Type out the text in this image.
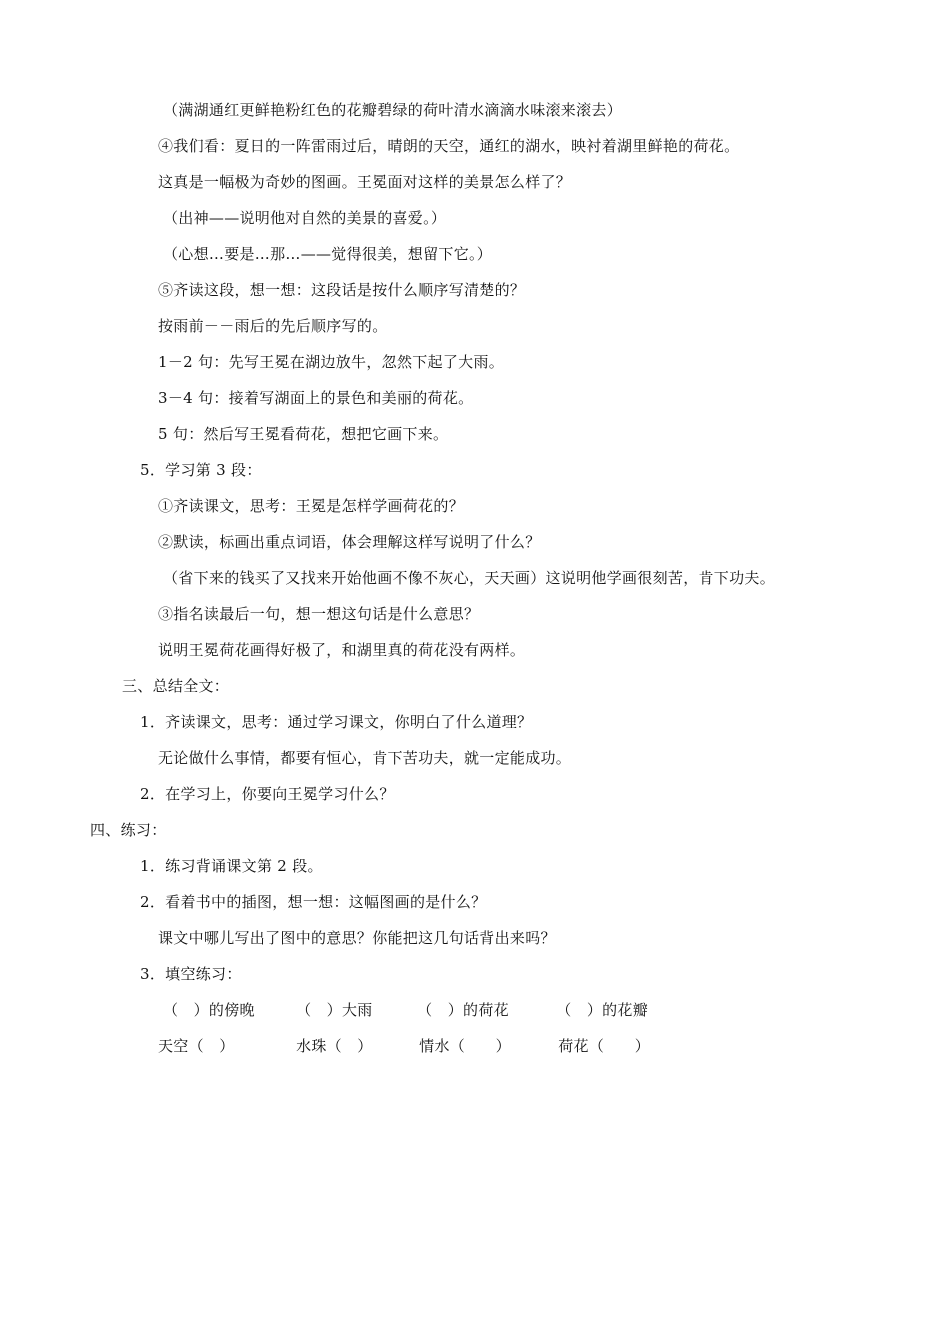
（满湖通红更鲜艳粉红色的花瓣碧绿的荷叶清水滴滴水味滚来滚去）
④我们看：夏日的一阵雷雨过后，晴朗的天空，通红的湖水，映衬着湖里鲜艳的荷花。
这真是一幅极为奇妙的图画。王冕面对这样的美景怎么样了？
（出神——说明他对自然的美景的喜爱。）
（心想…要是…那…——觉得很美，想留下它。）
⑤齐读这段，想一想：这段话是按什么顺序写清楚的？
按雨前－－雨后的先后顺序写的。
1－2 句：先写王冕在湖边放牛，忽然下起了大雨。
3－4 句：接着写湖面上的景色和美丽的荷花。
5 句：然后写王冕看荷花，想把它画下来。
5．学习第 3 段：
①齐读课文，思考：王冕是怎样学画荷花的？
②默读，标画出重点词语，体会理解这样写说明了什么？
（省下来的钱买了又找来开始他画不像不灰心，天天画）这说明他学画很刻苦，肯下功夫。
③指名读最后一句，想一想这句话是什么意思？
说明王冕荷花画得好极了，和湖里真的荷花没有两样。
三、总结全文：
1．齐读课文，思考：通过学习课文，你明白了什么道理？
无论做什么事情，都要有恒心，肯下苦功夫，就一定能成功。
2．在学习上，你要向王冕学习什么？
四、练习：
1．练习背诵课文第 2 段。
2．看着书中的插图，想一想：这幅图画的是什么？
课文中哪儿写出了图中的意思？你能把这几句话背出来吗？
3．填空练习：
（　）的傍晚	（　）大雨	（　）的荷花	（　）的花瓣
天空（　）	水珠（　）	情水（　　）	荷花（　　）
